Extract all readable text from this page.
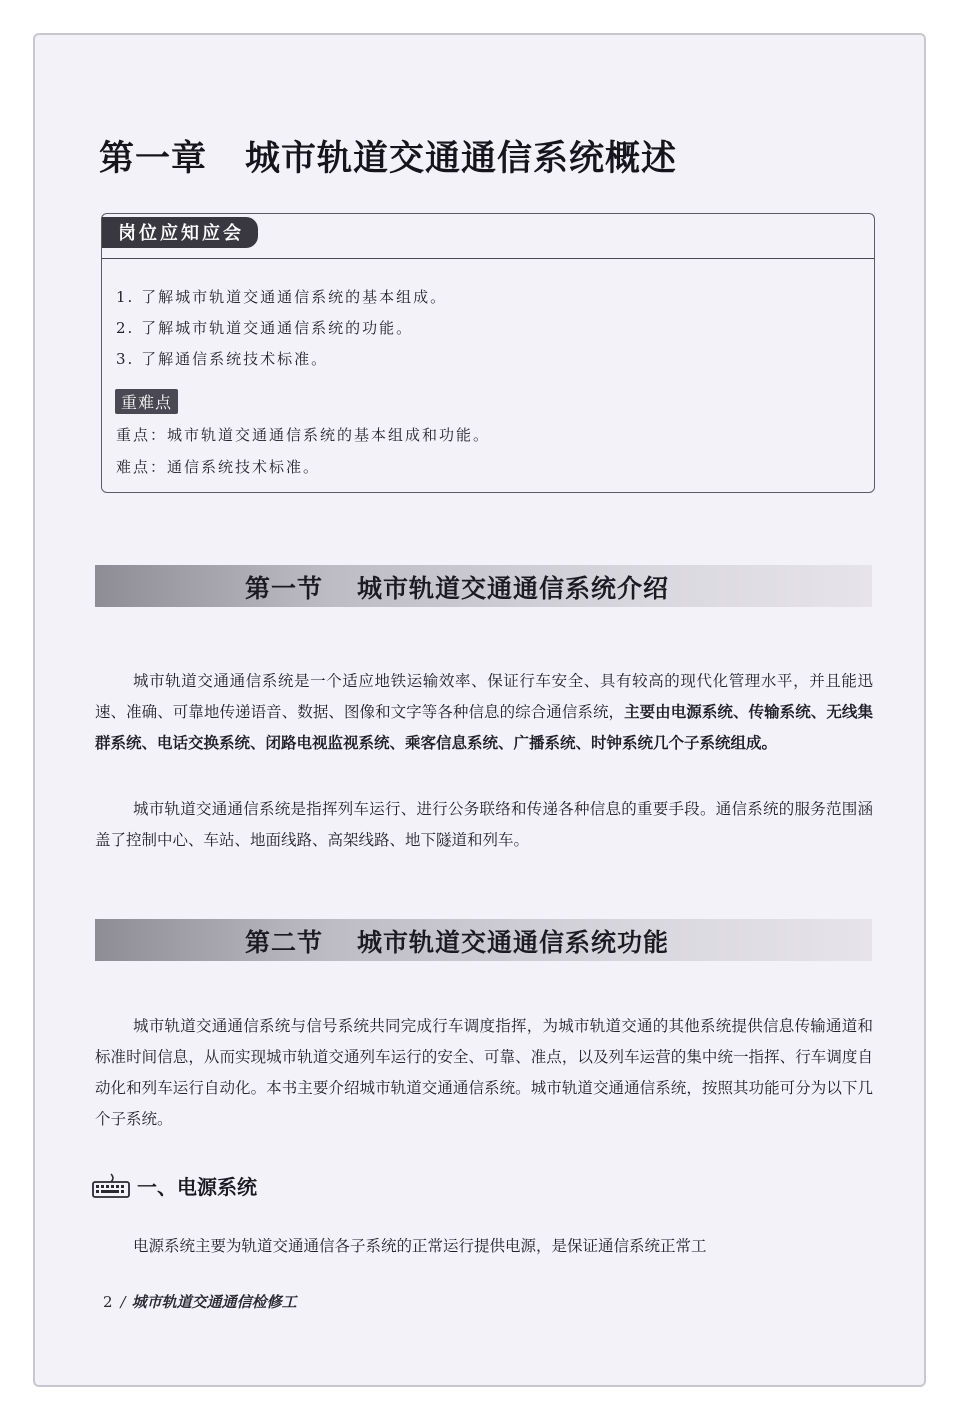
第一章 城市轨道交通通信系统概述
岗位应知应会
1. 了解城市轨道交通通信系统的基本组成。
2. 了解城市轨道交通通信系统的功能。
3. 了解通信系统技术标准。
重难点

重点：城市轨道交通通信系统的基本组成和功能。

难点：通信系统技术标准。

第一节 城市轨道交通通信系统介绍

城市轨道交通通信系统是一个适应地铁运输效率、保证行车安全、具有较高的现代化管理水平，并且能迅速、准确、可靠地传递语音、数据、图像和文字等各种信息的综合通信系统，主要由电源系统、传输系统、无线集群系统、电话交换系统、闭路电视监视系统、乘客信息系统、广播系统、时钟系统几个子系统组成。

城市轨道交通通信系统是指挥列车运行、进行公务联络和传递各种信息的重要手段。通信系统的服务范围涵盖了控制中心、车站、地面线路、高架线路、地下隧道和列车。

第二节 城市轨道交通通信系统功能

城市轨道交通通信系统与信号系统共同完成行车调度指挥，为城市轨道交通的其他系统提供信息传输通道和标准时间信息，从而实现城市轨道交通列车运行的安全、可靠、准点，以及列车运营的集中统一指挥、行车调度自动化和列车运行自动化。本书主要介绍城市轨道交通通信系统。城市轨道交通通信系统，按照其功能可分为以下几个子系统。

一、电源系统

电源系统主要为轨道交通通信各子系统的正常运行提供电源，是保证通信系统正常工

2 / 城市轨道交通通信检修工
